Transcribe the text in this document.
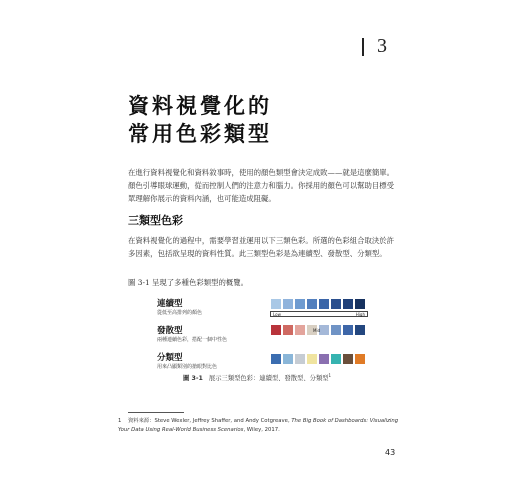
3
資料視覺化的
常用色彩類型
在進行資料視覺化和資料敘事時，使用的顏色類型會決定成敗——就是這麼簡單。顏色引導眼球運動，從而控制人們的注意力和腦力。你採用的顏色可以幫助目標受眾理解你展示的資料內涵，也可能造成阻礙。
三類型色彩
在資料視覺化的過程中，需要學習並運用以下三類色彩。所選的色彩組合取決於許多因素，包括欲呈現的資料性質。此三類型色彩是為連續型、發散型、分類型。
圖 3-1 呈現了多種色彩類型的概覽。
連續型
從低至高排列的顏色	Low	High
發散型
兩種連續色彩，搭配一個中性色
Mid
分類型
用來凸顯類別的搶眼對比色
圖 3-1 展示三類型色彩：連續型、發散型、分類型$^1$
1 資料來源：Steve Wexler, Jeffrey Shaffer, and Andy Cotgreave, The Big Book of Dashboards: Visualizing Your Data Using Real-World Business Scenarios, Wiley, 2017.
43
